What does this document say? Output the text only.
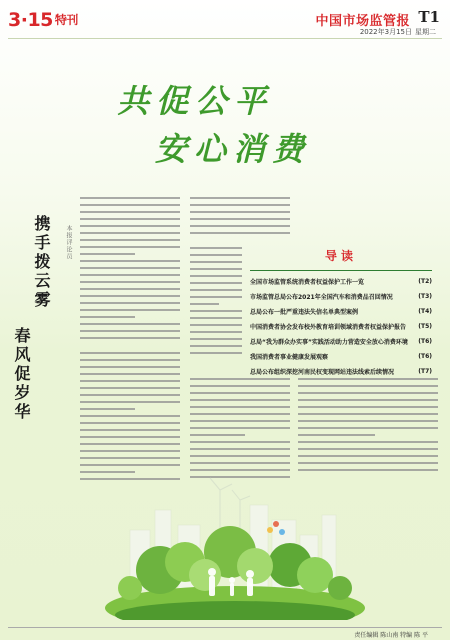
3·15 特刊	中国市场监管报 T1
2022年3月15日 星期二
共促公平
安心消费
携手拨云雾
春风促岁华
本报评论员	导读
全国市场监管系统消费者权益保护工作一览	(T2)
市场监管总局公布2021年全国汽车和消费品召回情况	(T3)
总局公布一批严重违法失信名单典型案例	(T4)
中国消费者协会发布校外教育培训领域消费者权益保护报告 (T5)
总局“我为群众办实事”实践活动助力营造安全放心消费环境 (T6)
我国消费者事业健康发展观察	(T6)
总局公布组织深挖河南民权变现网站违法线索后续情况	(T7)
责任编辑 陈山南 特编 陈 平
